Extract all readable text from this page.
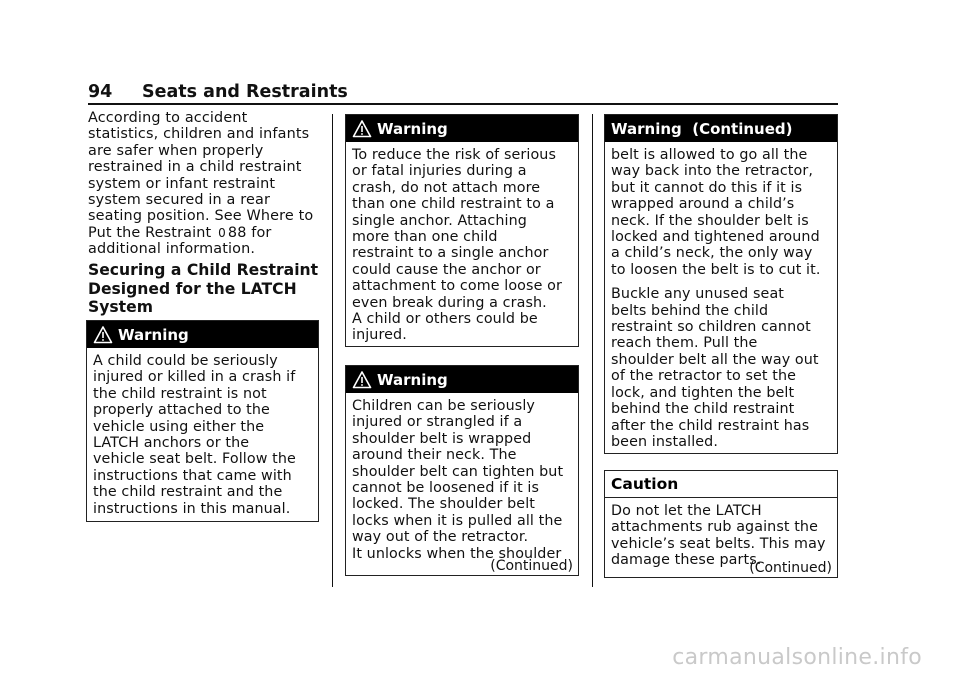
94 Seats and Restraints
According to accident
statistics, children and infants
are safer when properly
restrained in a child restraint
system or infant restraint
system secured in a rear
seating position. See Where to
Put the Restraint 0 88 for
additional information.
Securing a Child Restraint
Designed for the LATCH
System
Warning
A child could be seriously
injured or killed in a crash if
the child restraint is not
properly attached to the
vehicle using either the
LATCH anchors or the
vehicle seat belt. Follow the
instructions that came with
the child restraint and the
instructions in this manual.
Warning
To reduce the risk of serious
or fatal injuries during a
crash, do not attach more
than one child restraint to a
single anchor. Attaching
more than one child
restraint to a single anchor
could cause the anchor or
attachment to come loose or
even break during a crash.
A child or others could be
injured.
Warning
Children can be seriously
injured or strangled if a
shoulder belt is wrapped
around their neck. The
shoulder belt can tighten but
cannot be loosened if it is
locked. The shoulder belt
locks when it is pulled all the
way out of the retractor.
It unlocks when the shoulder
(Continued)
Warning  (Continued)

belt is allowed to go all the
way back into the retractor,
but it cannot do this if it is
wrapped around a child’s
neck. If the shoulder belt is
locked and tightened around
a child’s neck, the only way
to loosen the belt is to cut it.

Buckle any unused seat
belts behind the child
restraint so children cannot
reach them. Pull the
shoulder belt all the way out
of the retractor to set the
lock, and tighten the belt
behind the child restraint
after the child restraint has
been installed.

Caution
Do not let the LATCH
attachments rub against the
vehicle’s seat belts. This may
damage these parts.
(Continued)
carmanualsonline.info
